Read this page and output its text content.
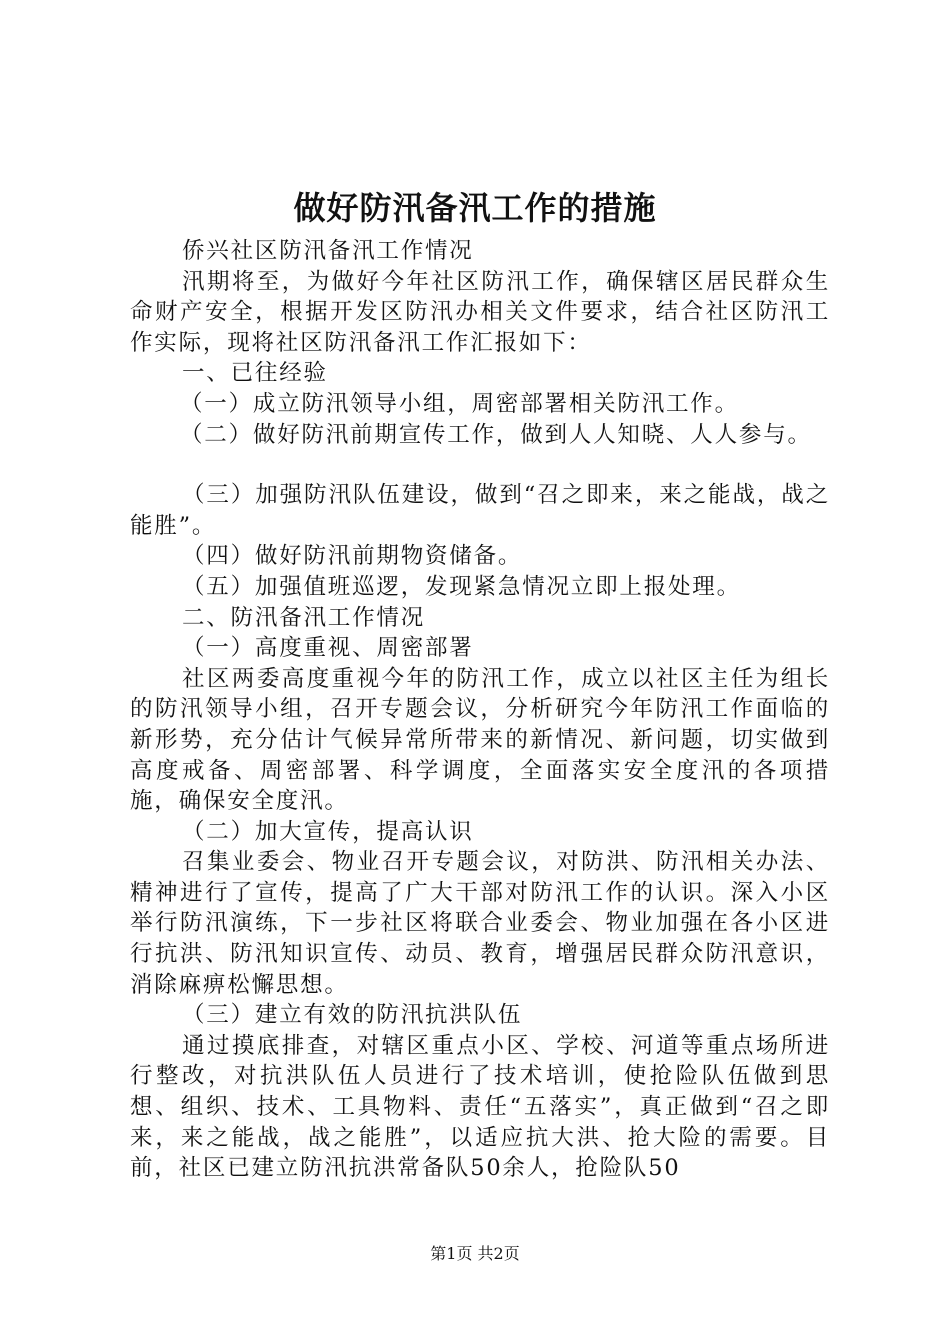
做好防汛备汛工作的措施

侨兴社区防汛备汛工作情况

汛期将至，为做好今年社区防汛工作，确保辖区居民群众生命财产安全，根据开发区防汛办相关文件要求，结合社区防汛工作实际，现将社区防汛备汛工作汇报如下：

一、已往经验

（一）成立防汛领导小组，周密部署相关防汛工作。

（二）做好防汛前期宣传工作，做到人人知晓、人人参与。

（三）加强防汛队伍建设，做到“召之即来，来之能战，战之能胜”。

（四）做好防汛前期物资储备。

（五）加强值班巡逻，发现紧急情况立即上报处理。

二、防汛备汛工作情况

（一）高度重视、周密部署

社区两委高度重视今年的防汛工作，成立以社区主任为组长的防汛领导小组，召开专题会议，分析研究今年防汛工作面临的新形势，充分估计气候异常所带来的新情况、新问题，切实做到高度戒备、周密部署、科学调度，全面落实安全度汛的各项措施，确保安全度汛。

（二）加大宣传，提高认识

召集业委会、物业召开专题会议，对防洪、防汛相关办法、精神进行了宣传，提高了广大干部对防汛工作的认识。深入小区举行防汛演练，下一步社区将联合业委会、物业加强在各小区进行抗洪、防汛知识宣传、动员、教育，增强居民群众防汛意识，消除麻痹松懈思想。

（三）建立有效的防汛抗洪队伍

通过摸底排查，对辖区重点小区、学校、河道等重点场所进行整改，对抗洪队伍人员进行了技术培训，使抢险队伍做到思想、组织、技术、工具物料、责任“五落实”，真正做到“召之即来，来之能战，战之能胜”，以适应抗大洪、抢大险的需要。目前，社区已建立防汛抗洪常备队50余人，抢险队50

第1页 共2页
